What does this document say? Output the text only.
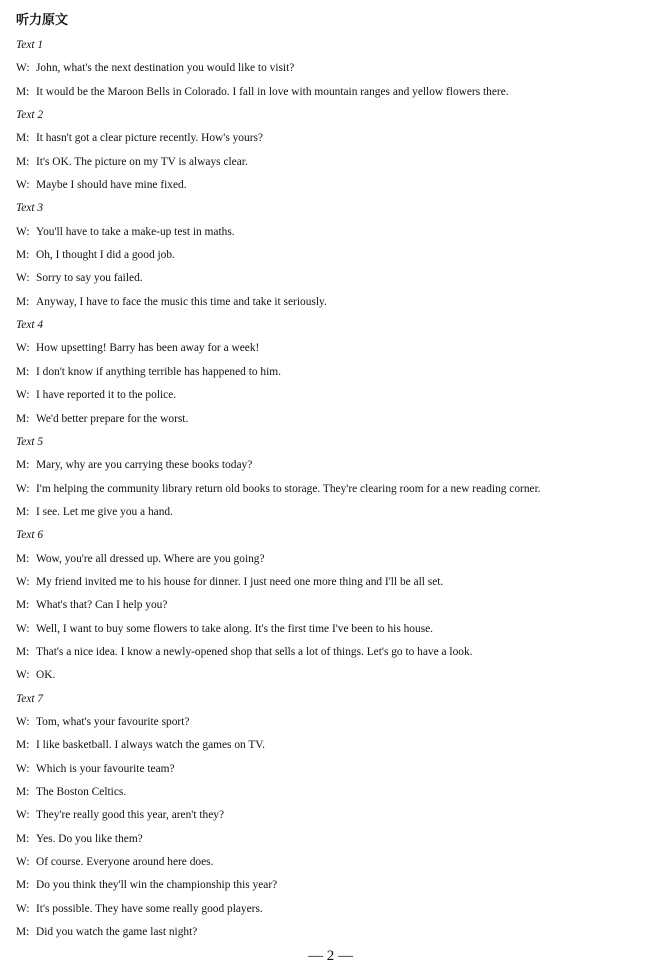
听力原文
Text 1
W: John, what's the next destination you would like to visit?
M: It would be the Maroon Bells in Colorado. I fall in love with mountain ranges and yellow flowers there.
Text 2
M: It hasn't got a clear picture recently. How's yours?
M: It's OK. The picture on my TV is always clear.
W: Maybe I should have mine fixed.
Text 3
W: You'll have to take a make-up test in maths.
M: Oh, I thought I did a good job.
W: Sorry to say you failed.
M: Anyway, I have to face the music this time and take it seriously.
Text 4
W: How upsetting! Barry has been away for a week!
M: I don't know if anything terrible has happened to him.
W: I have reported it to the police.
M: We'd better prepare for the worst.
Text 5
M: Mary, why are you carrying these books today?
W: I'm helping the community library return old books to storage. They're clearing room for a new reading corner.
M: I see. Let me give you a hand.
Text 6
M: Wow, you're all dressed up. Where are you going?
W: My friend invited me to his house for dinner. I just need one more thing and I'll be all set.
M: What's that? Can I help you?
W: Well, I want to buy some flowers to take along. It's the first time I've been to his house.
M: That's a nice idea. I know a newly-opened shop that sells a lot of things. Let's go to have a look.
W: OK.
Text 7
W: Tom, what's your favourite sport?
M: I like basketball. I always watch the games on TV.
W: Which is your favourite team?
M: The Boston Celtics.
W: They're really good this year, aren't they?
M: Yes. Do you like them?
W: Of course. Everyone around here does.
M: Do you think they'll win the championship this year?
W: It's possible. They have some really good players.
M: Did you watch the game last night?
— 2 —
